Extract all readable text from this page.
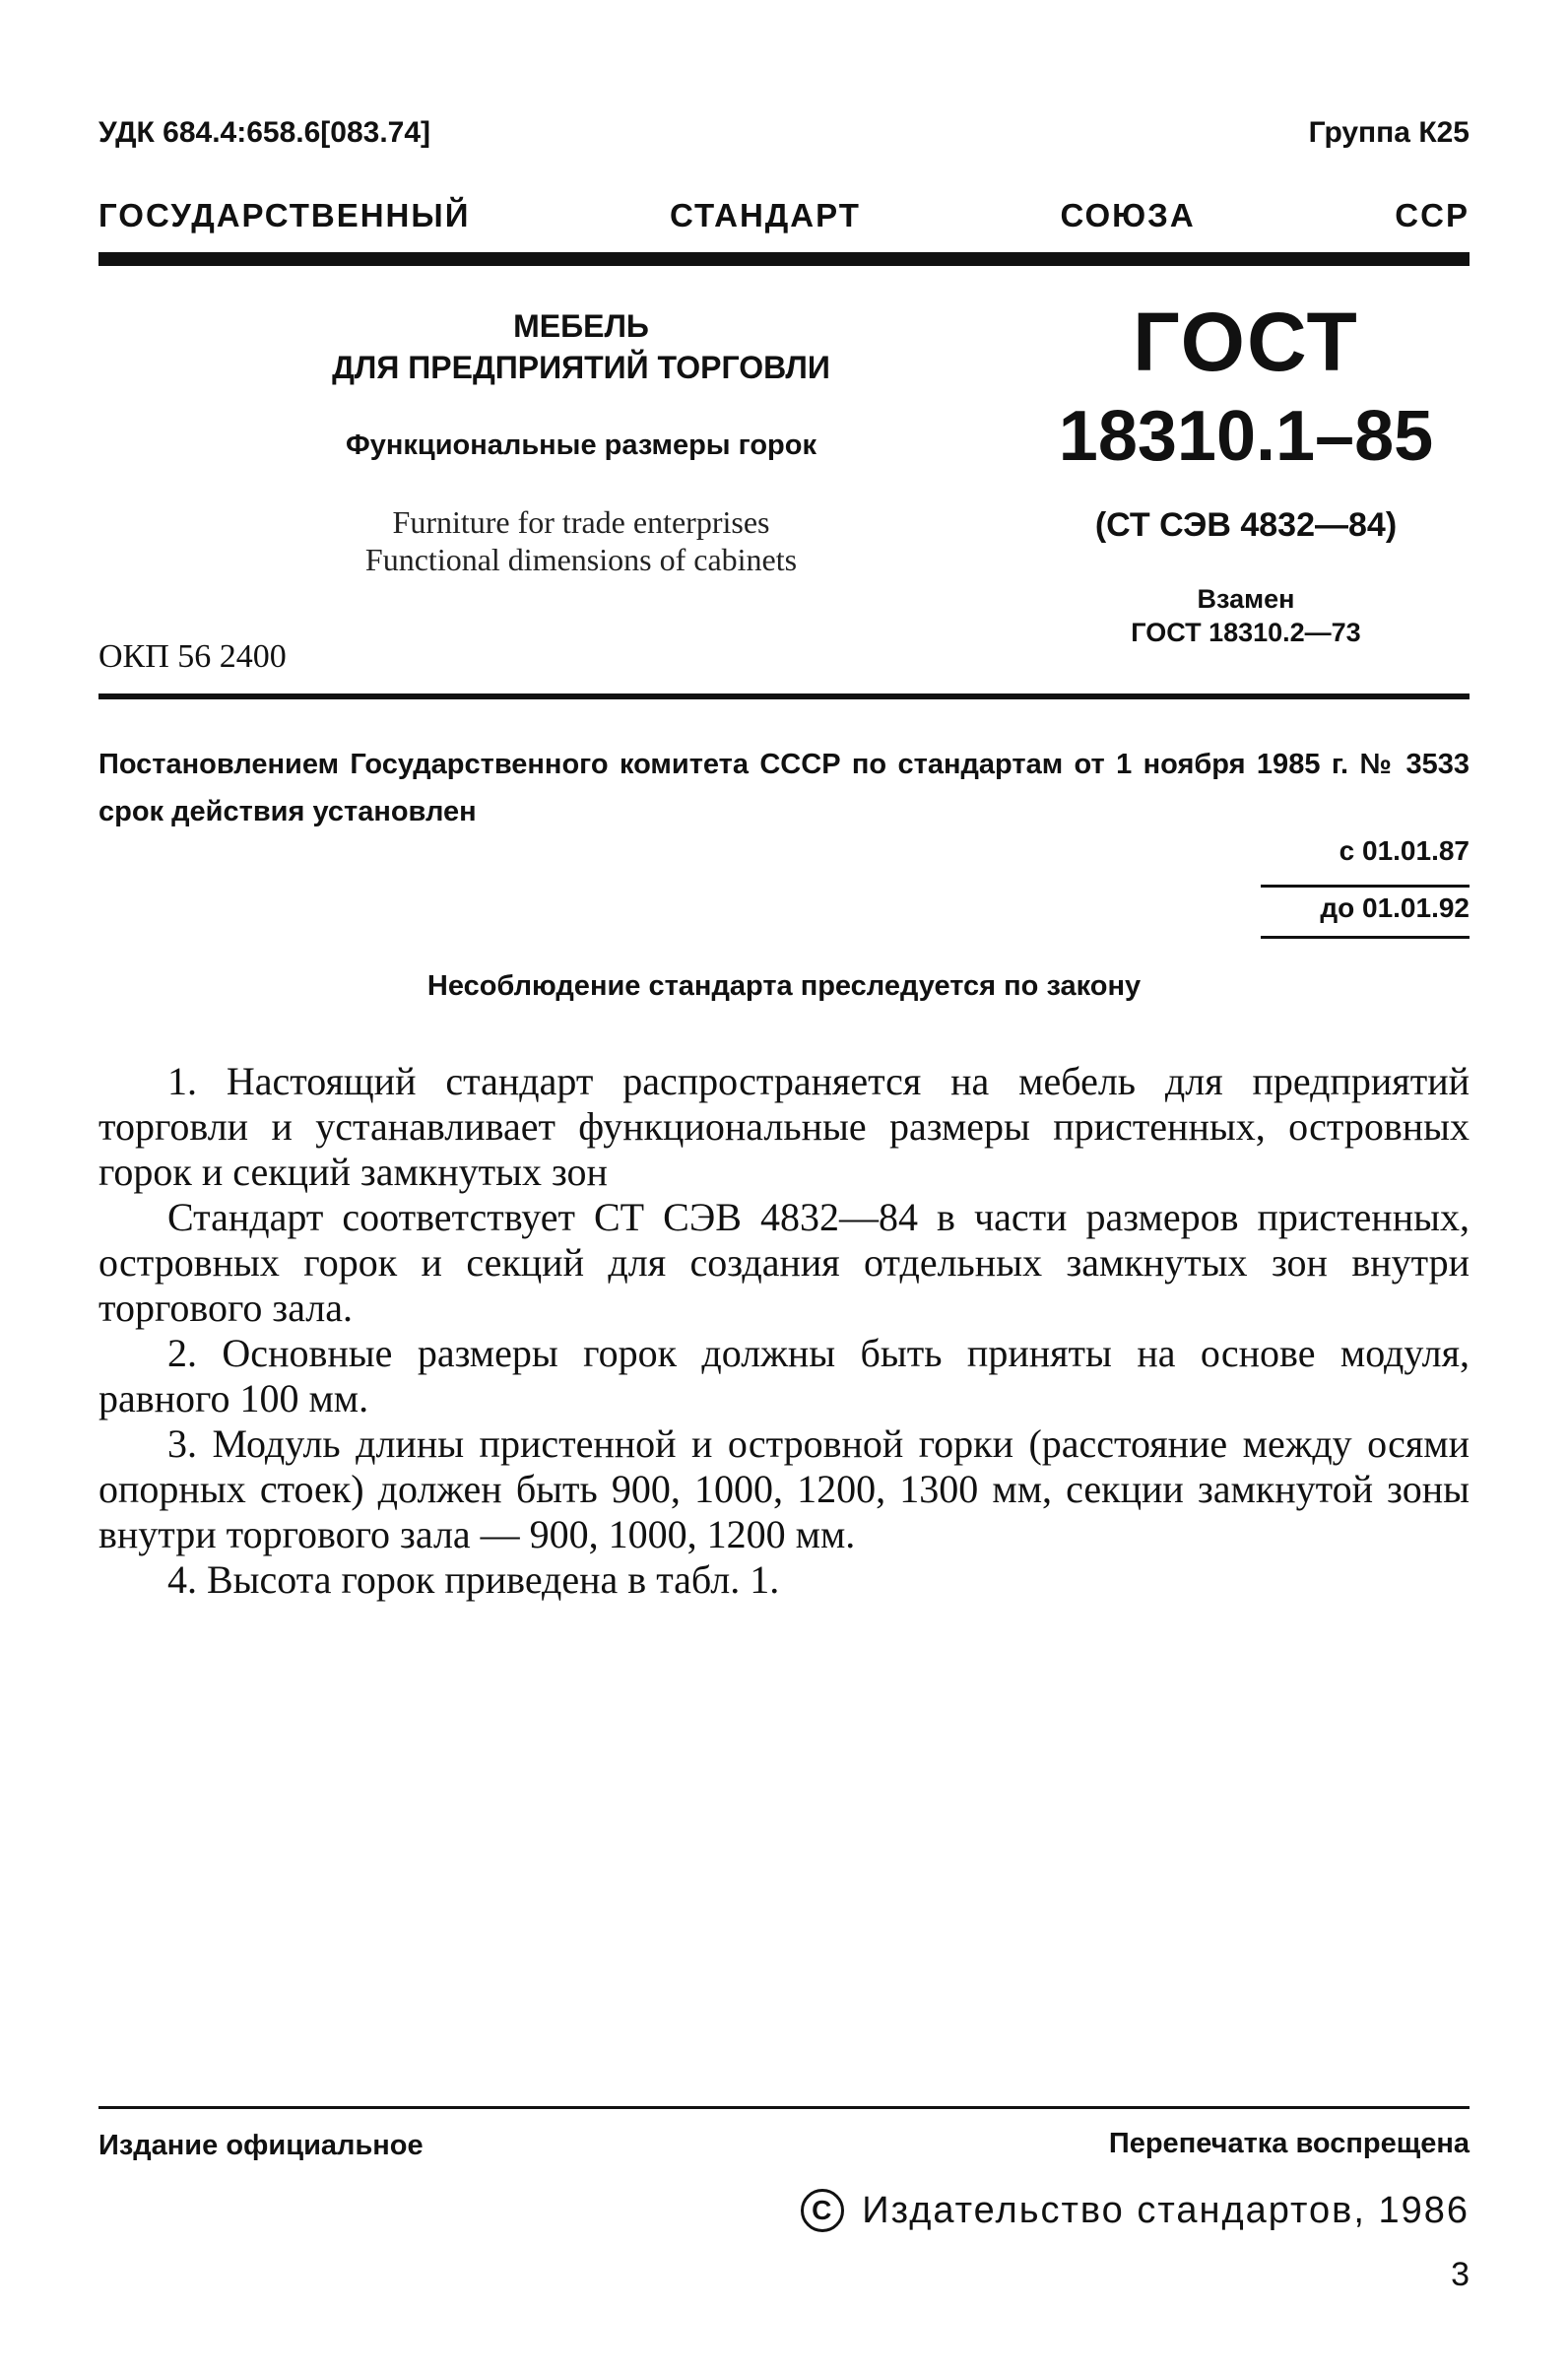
УДК 684.4:658.6[083.74]	Группа К25
ГОСУДАРСТВЕННЫЙ	СТАНДАРТ	СОЮЗА	ССР
МЕБЕЛЬ
ДЛЯ ПРЕДПРИЯТИЙ ТОРГОВЛИ
Функциональные размеры горок
Furniture for trade enterprises
Functional dimensions of cabinets
ГОСТ
18310.1–85
(СТ СЭВ 4832—84)
Взамен
ГОСТ 18310.2—73
ОКП 56 2400
Постановлением Государственного комитета СССР по стандартам от 1 ноября 1985 г. № 3533 срок действия установлен
с 01.01.87
до 01.01.92
Несоблюдение стандарта преследуется по закону

1. Настоящий стандарт распространяется на мебель для предприятий торговли и устанавливает функциональные размеры пристенных, островных горок и секций замкнутых зон

Стандарт соответствует СТ СЭВ 4832—84 в части размеров пристенных, островных горок и секций для создания отдельных замкнутых зон внутри торгового зала.

2. Основные размеры горок должны быть приняты на основе модуля, равного 100 мм.

3. Модуль длины пристенной и островной горки (расстояние между осями опорных стоек) должен быть 900, 1000, 1200, 1300 мм, секции замкнутой зоны внутри торгового зала — 900, 1000, 1200 мм.

4. Высота горок приведена в табл. 1.

Издание официальное	Перепечатка воспрещена
C Издательство стандартов, 1986
3
